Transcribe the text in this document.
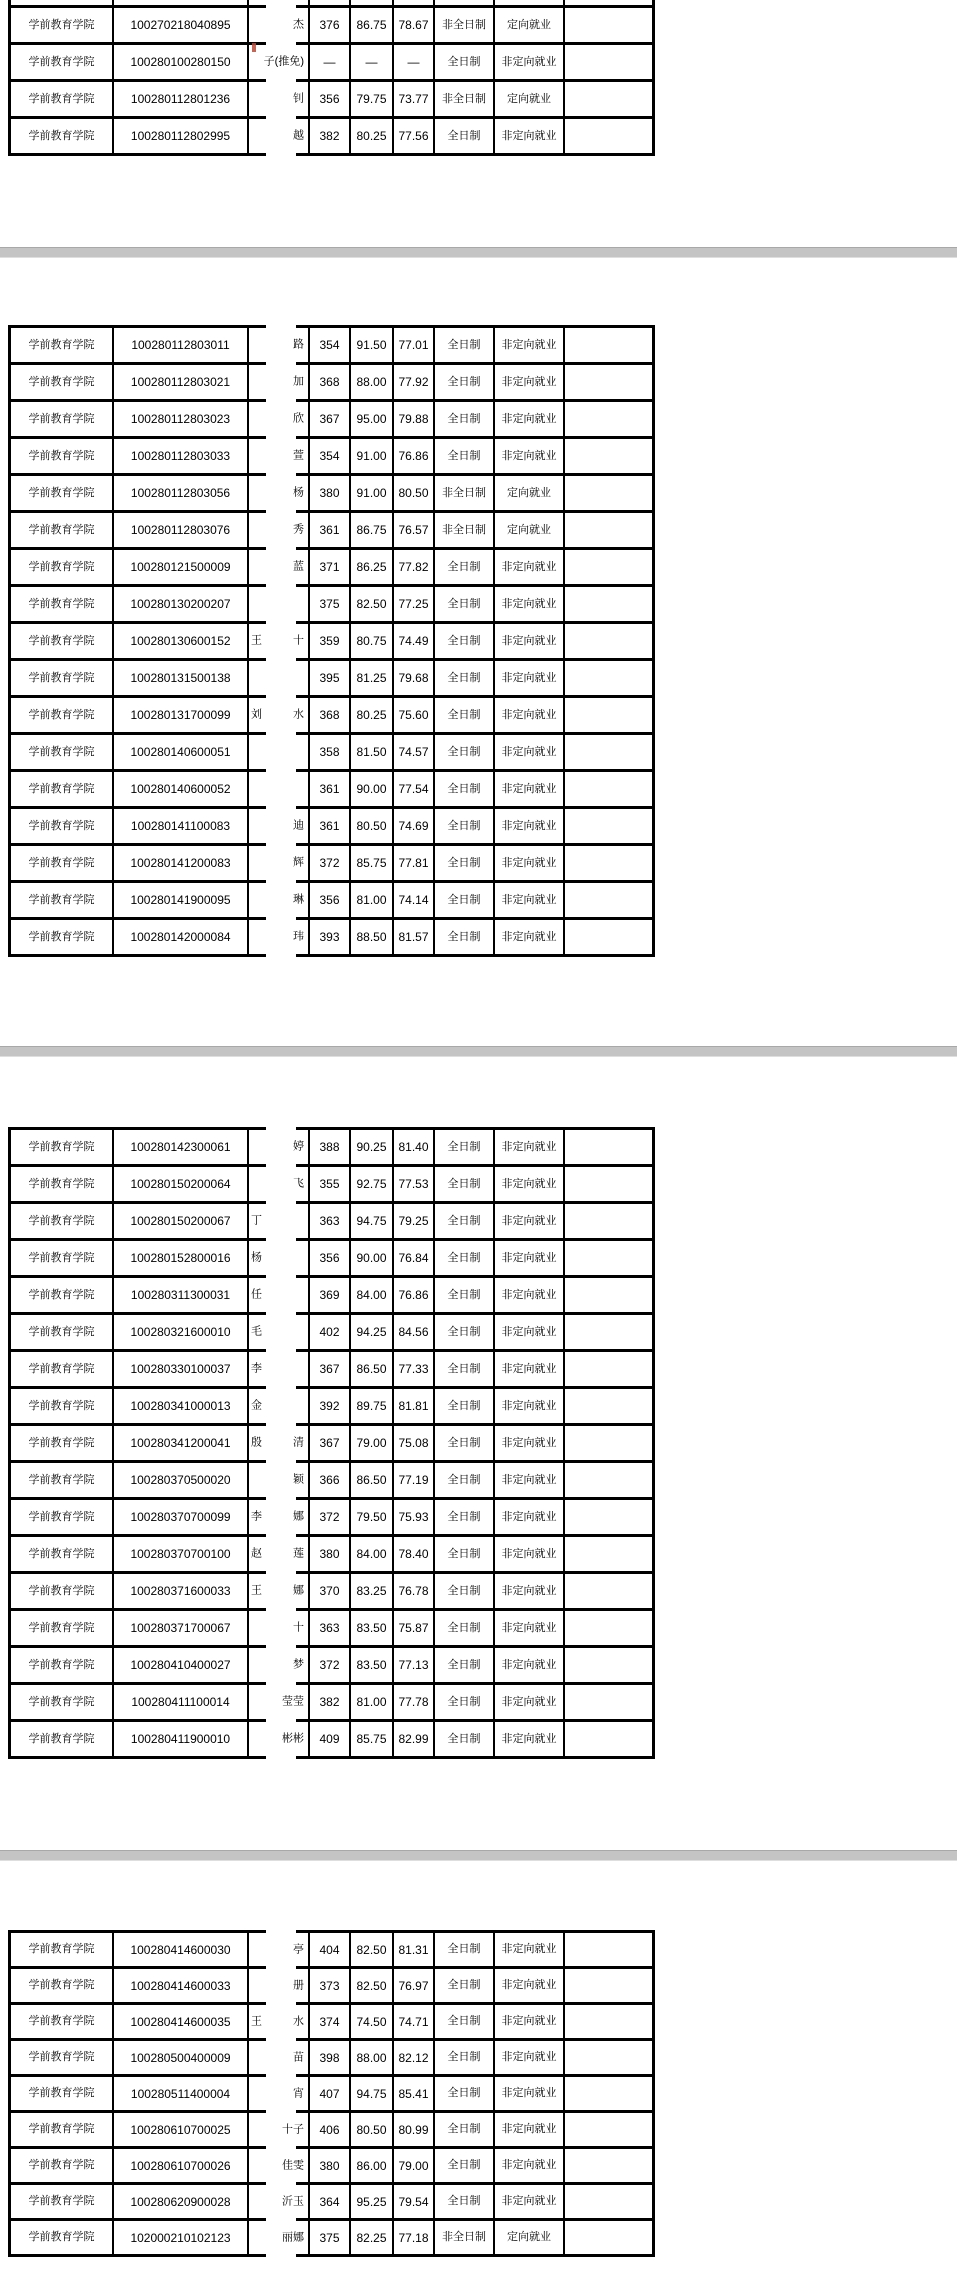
学前教育学院	100270218040895	杰	376	86.75 78.67	非全日制	定向就业
学前教育学院	100280100280150	子(推免)	—	—	—	全日制	非定向就业
学前教育学院	100280112801236	钊	356	79.75 73.77	非全日制	定向就业
学前教育学院	100280112802995	越	382	80.25 77.56	全日制	非定向就业
学前教育学院	100280112803011	路	354	91.50 77.01	全日制	非定向就业
学前教育学院	100280112803021	加	368	88.00 77.92	全日制	非定向就业
学前教育学院	100280112803023	欣	367	95.00 79.88	全日制	非定向就业
学前教育学院	100280112803033	萱	354	91.00 76.86	全日制	非定向就业
学前教育学院	100280112803056	杨	380	91.00 80.50	非全日制	定向就业
学前教育学院	100280112803076	秀	361	86.75 76.57	非全日制	定向就业
学前教育学院	100280121500009	蓝	371	86.25 77.82	全日制	非定向就业
学前教育学院	100280130200207	375	82.50 77.25	全日制	非定向就业
学前教育学院	100280130600152	王	十	359	80.75 74.49	全日制	非定向就业
学前教育学院	100280131500138	395	81.25 79.68	全日制	非定向就业
学前教育学院	100280131700099	刘	水	368	80.25 75.60	全日制	非定向就业
学前教育学院	100280140600051	358	81.50 74.57	全日制	非定向就业
学前教育学院	100280140600052	361	90.00 77.54	全日制	非定向就业
学前教育学院	100280141100083	迪	361	80.50 74.69	全日制	非定向就业
学前教育学院	100280141200083	辉	372	85.75 77.81	全日制	非定向就业
学前教育学院	100280141900095	琳	356	81.00 74.14	全日制	非定向就业
学前教育学院	100280142000084	玮	393	88.50 81.57	全日制	非定向就业
学前教育学院	100280142300061	婷	388	90.25 81.40	全日制	非定向就业
学前教育学院	100280150200064	飞	355	92.75 77.53	全日制	非定向就业
学前教育学院	100280150200067	丁	363	94.75 79.25	全日制	非定向就业
学前教育学院	100280152800016	杨	356	90.00 76.84	全日制	非定向就业
学前教育学院	100280311300031	任	369	84.00 76.86	全日制	非定向就业
学前教育学院	100280321600010	毛	402	94.25 84.56	全日制	非定向就业
学前教育学院	100280330100037	李	367	86.50 77.33	全日制	非定向就业
学前教育学院	100280341000013	金	392	89.75 81.81	全日制	非定向就业
学前教育学院	100280341200041	殷	清	367	79.00 75.08	全日制	非定向就业
学前教育学院	100280370500020	颖	366	86.50 77.19	全日制	非定向就业
学前教育学院	100280370700099	李	娜	372	79.50 75.93	全日制	非定向就业
学前教育学院	100280370700100	赵	莲	380	84.00 78.40	全日制	非定向就业
学前教育学院	100280371600033	王	娜	370	83.25 76.78	全日制	非定向就业
学前教育学院	100280371700067	十	363	83.50 75.87	全日制	非定向就业
学前教育学院	100280410400027	梦	372	83.50 77.13	全日制	非定向就业
学前教育学院	100280411100014	莹莹	382	81.00 77.78	全日制	非定向就业
学前教育学院	100280411900010	彬彬	409	85.75 82.99	全日制	非定向就业
学前教育学院	100280414600030	亭	404	82.50 81.31	全日制	非定向就业
学前教育学院	100280414600033	册	373	82.50 76.97	全日制	非定向就业
学前教育学院	100280414600035	王	水	374	74.50 74.71	全日制	非定向就业
学前教育学院	100280500400009	苗	398	88.00 82.12	全日制	非定向就业
学前教育学院	100280511400004	宵	407	94.75 85.41	全日制	非定向就业
学前教育学院	100280610700025	十子	406	80.50 80.99	全日制	非定向就业
学前教育学院	100280610700026	佳雯	380	86.00 79.00	全日制	非定向就业
学前教育学院	100280620900028	沂玉	364	95.25 79.54	全日制	非定向就业
学前教育学院	102000210102123	丽娜	375	82.25 77.18	非全日制	定向就业
